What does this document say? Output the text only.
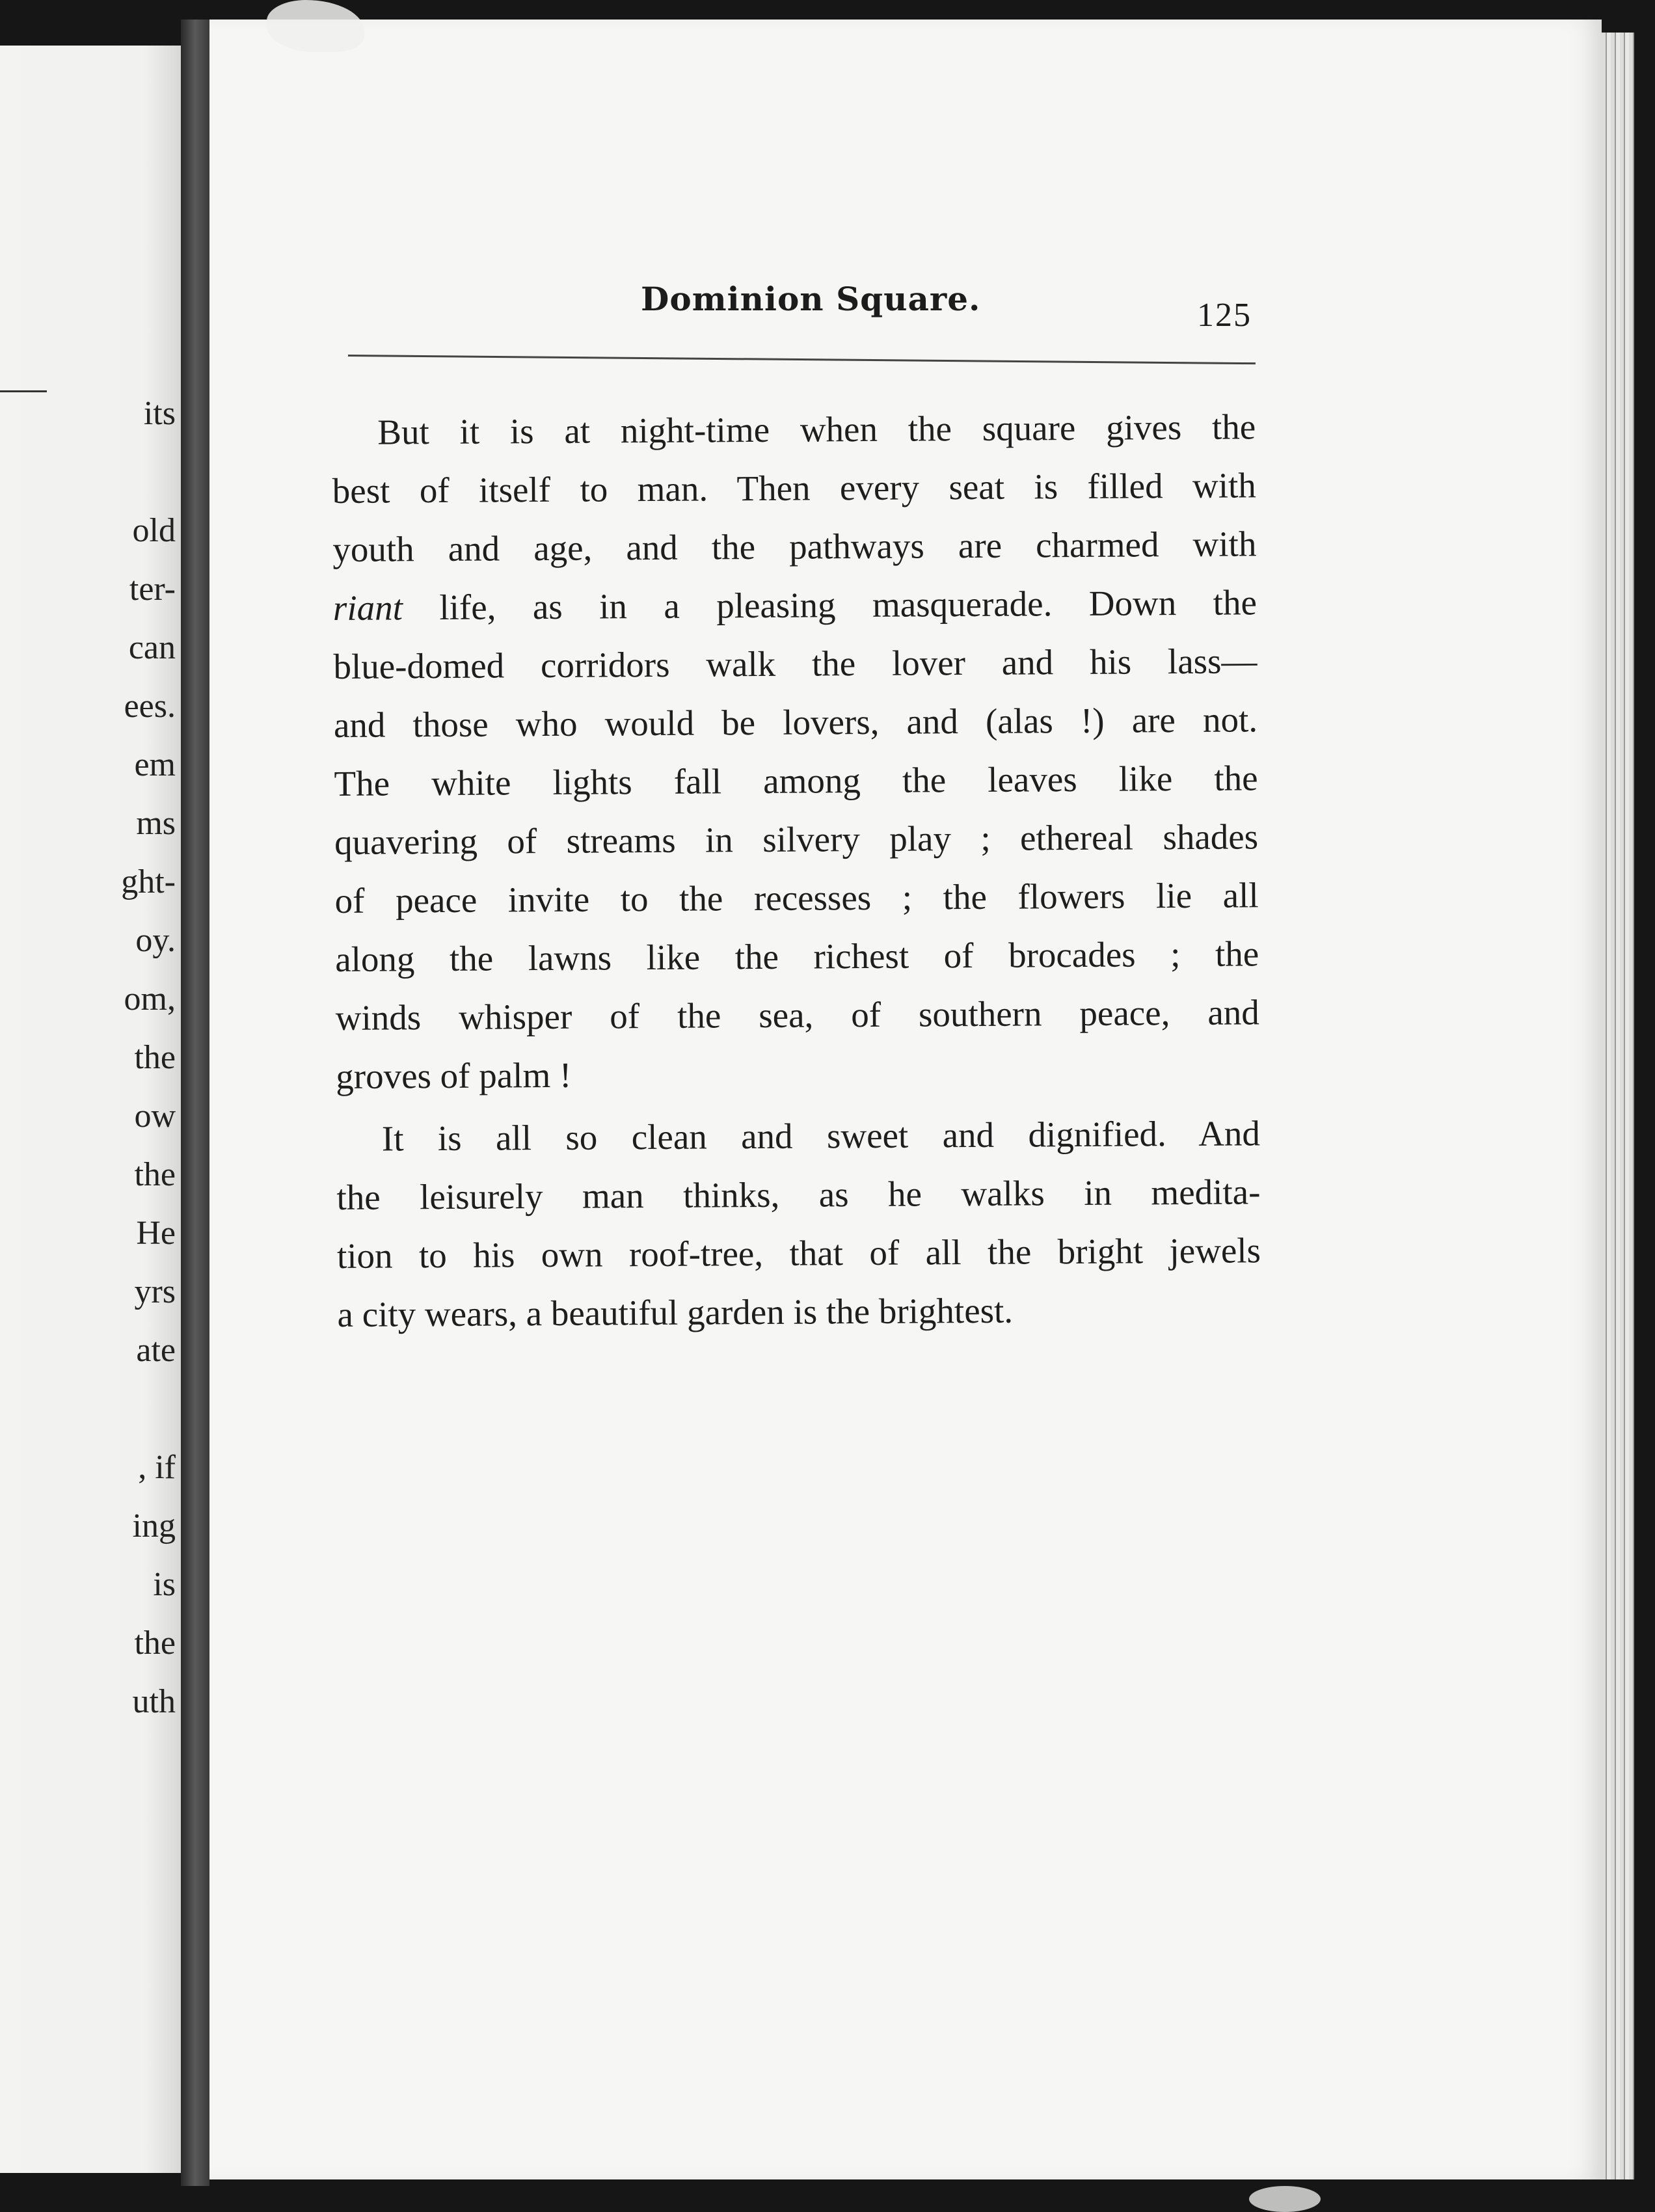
its

old

ter-

can

ees.

em

ms

ght-

oy.

om,

the

ow

the

He

yrs

ate

, if

ing

is

the

uth

Dominion Square.	125

But it is at night-time when the square gives the
best of itself to man. Then every seat is filled with
youth and age, and the pathways are charmed with
riant life, as in a pleasing masquerade. Down the
blue-domed corridors walk the lover and his lass—
and those who would be lovers, and (alas !) are not.
The white lights fall among the leaves like the
quavering of streams in silvery play ; ethereal shades
of peace invite to the recesses ; the flowers lie all
along the lawns like the richest of brocades ; the
winds whisper of the sea, of southern peace, and
groves of palm !
It is all so clean and sweet and dignified. And
the leisurely man thinks, as he walks in medita-
tion to his own roof-tree, that of all the bright jewels
a city wears, a beautiful garden is the brightest.
